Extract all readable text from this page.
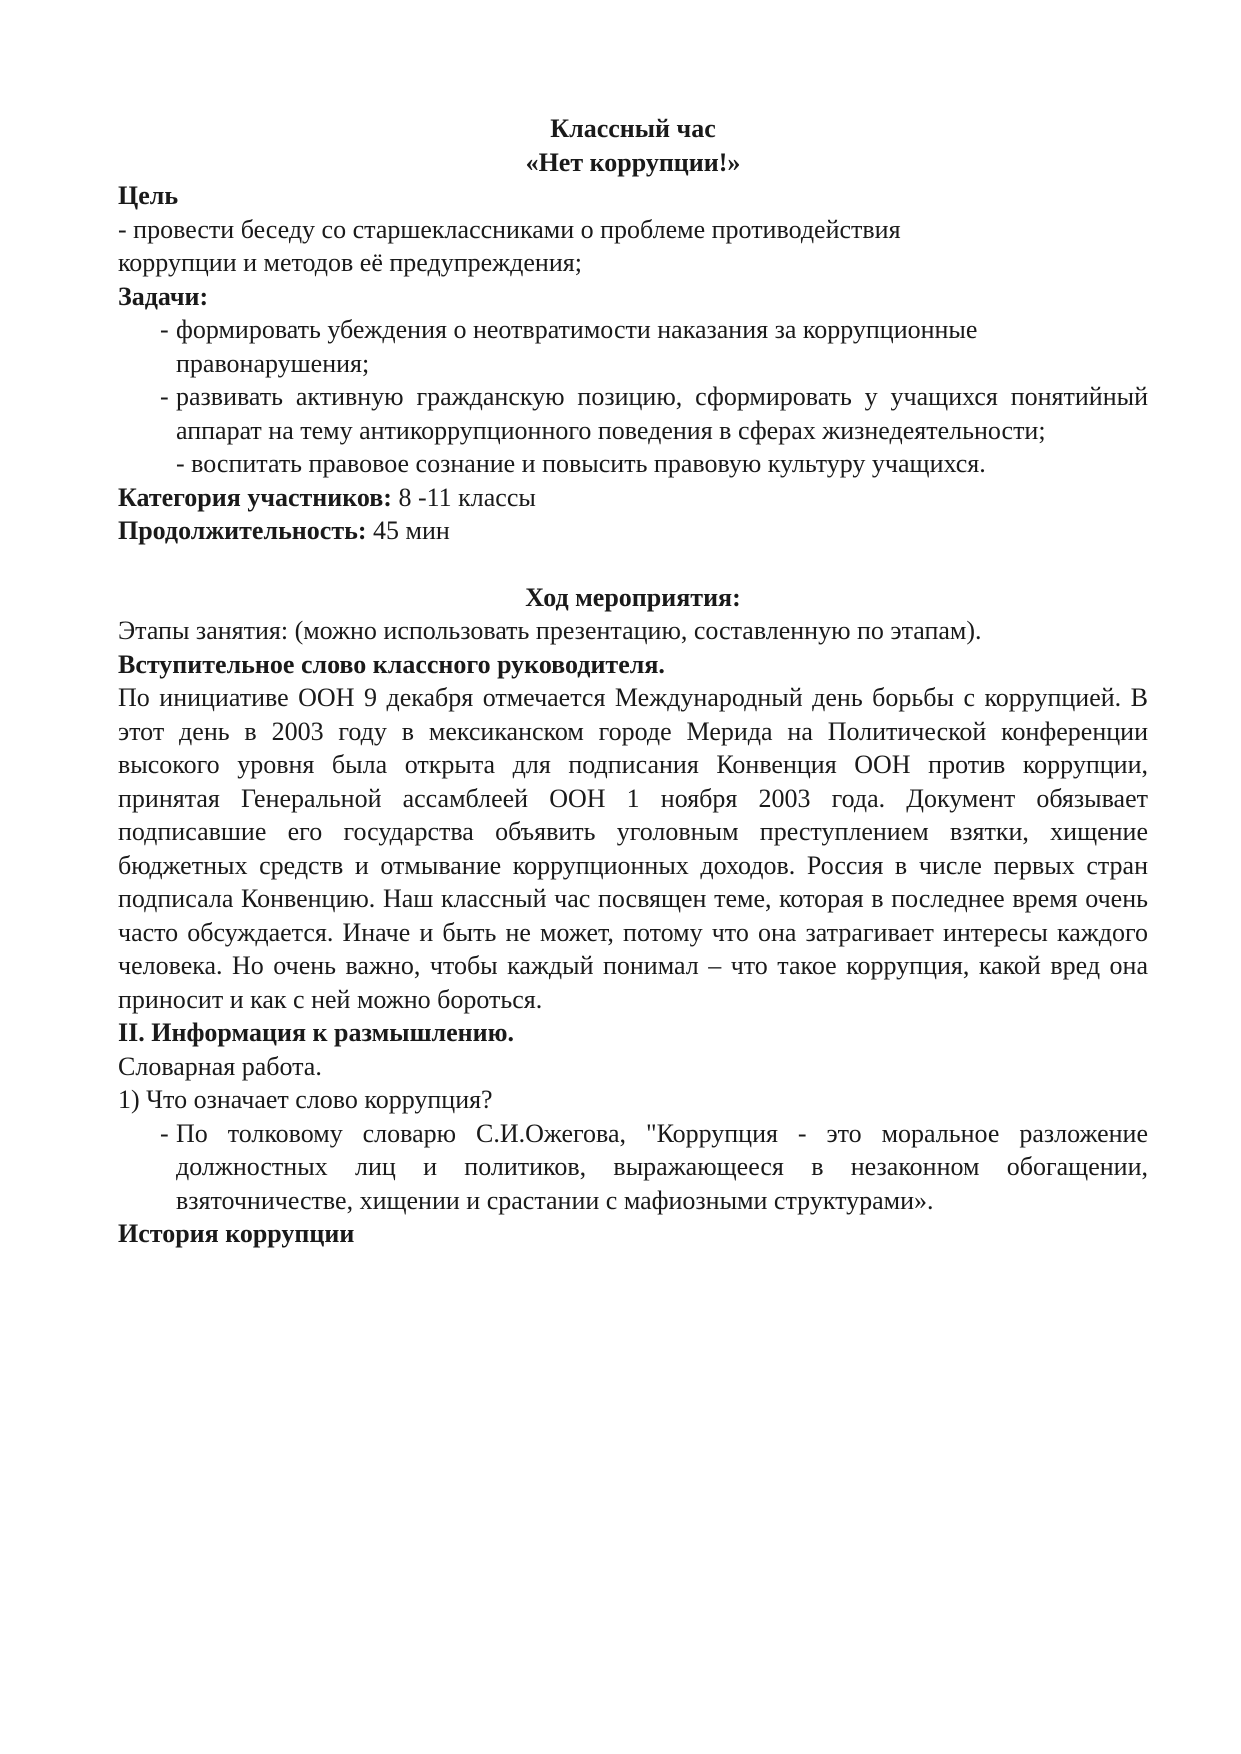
Классный час

«Нет коррупции!»

Цель

- провести беседу со старшеклассниками о проблеме противодействия коррупции и методов её предупреждения;

Задачи:

- формировать убеждения о неотвратимости наказания за коррупционные правонарушения;
- развивать активную гражданскую позицию, сформировать у учащихся понятийный аппарат на тему антикоррупционного поведения в сферах жизнедеятельности;

- воспитать правовое сознание и повысить правовую культуру учащихся.

Категория участников: 8 -11 классы

Продолжительность: 45 мин

Ход мероприятия:

Этапы занятия: (можно использовать презентацию, составленную по этапам).

Вступительное слово классного руководителя.

По инициативе ООН 9 декабря отмечается Международный день борьбы с коррупцией. В этот день в 2003 году в мексиканском городе Мерида на Политической конференции высокого уровня была открыта для подписания Конвенция ООН против коррупции, принятая Генеральной ассамблеей ООН 1 ноября 2003 года. Документ обязывает подписавшие его государства объявить уголовным преступлением взятки, хищение бюджетных средств и отмывание коррупционных доходов. Россия в числе первых стран подписала Конвенцию. Наш классный час посвящен теме, которая в последнее время очень часто обсуждается. Иначе и быть не может, потому что она затрагивает интересы каждого человека. Но очень важно, чтобы каждый понимал – что такое коррупция, какой вред она приносит и как с ней можно бороться.

II. Информация к размышлению.

Словарная работа.

1) Что означает слово коррупция?

- По толковому словарю С.И.Ожегова, "Коррупция - это моральное разложение должностных лиц и политиков, выражающееся в незаконном обогащении, взяточничестве, хищении и срастании с мафиозными структурами».

История коррупции
